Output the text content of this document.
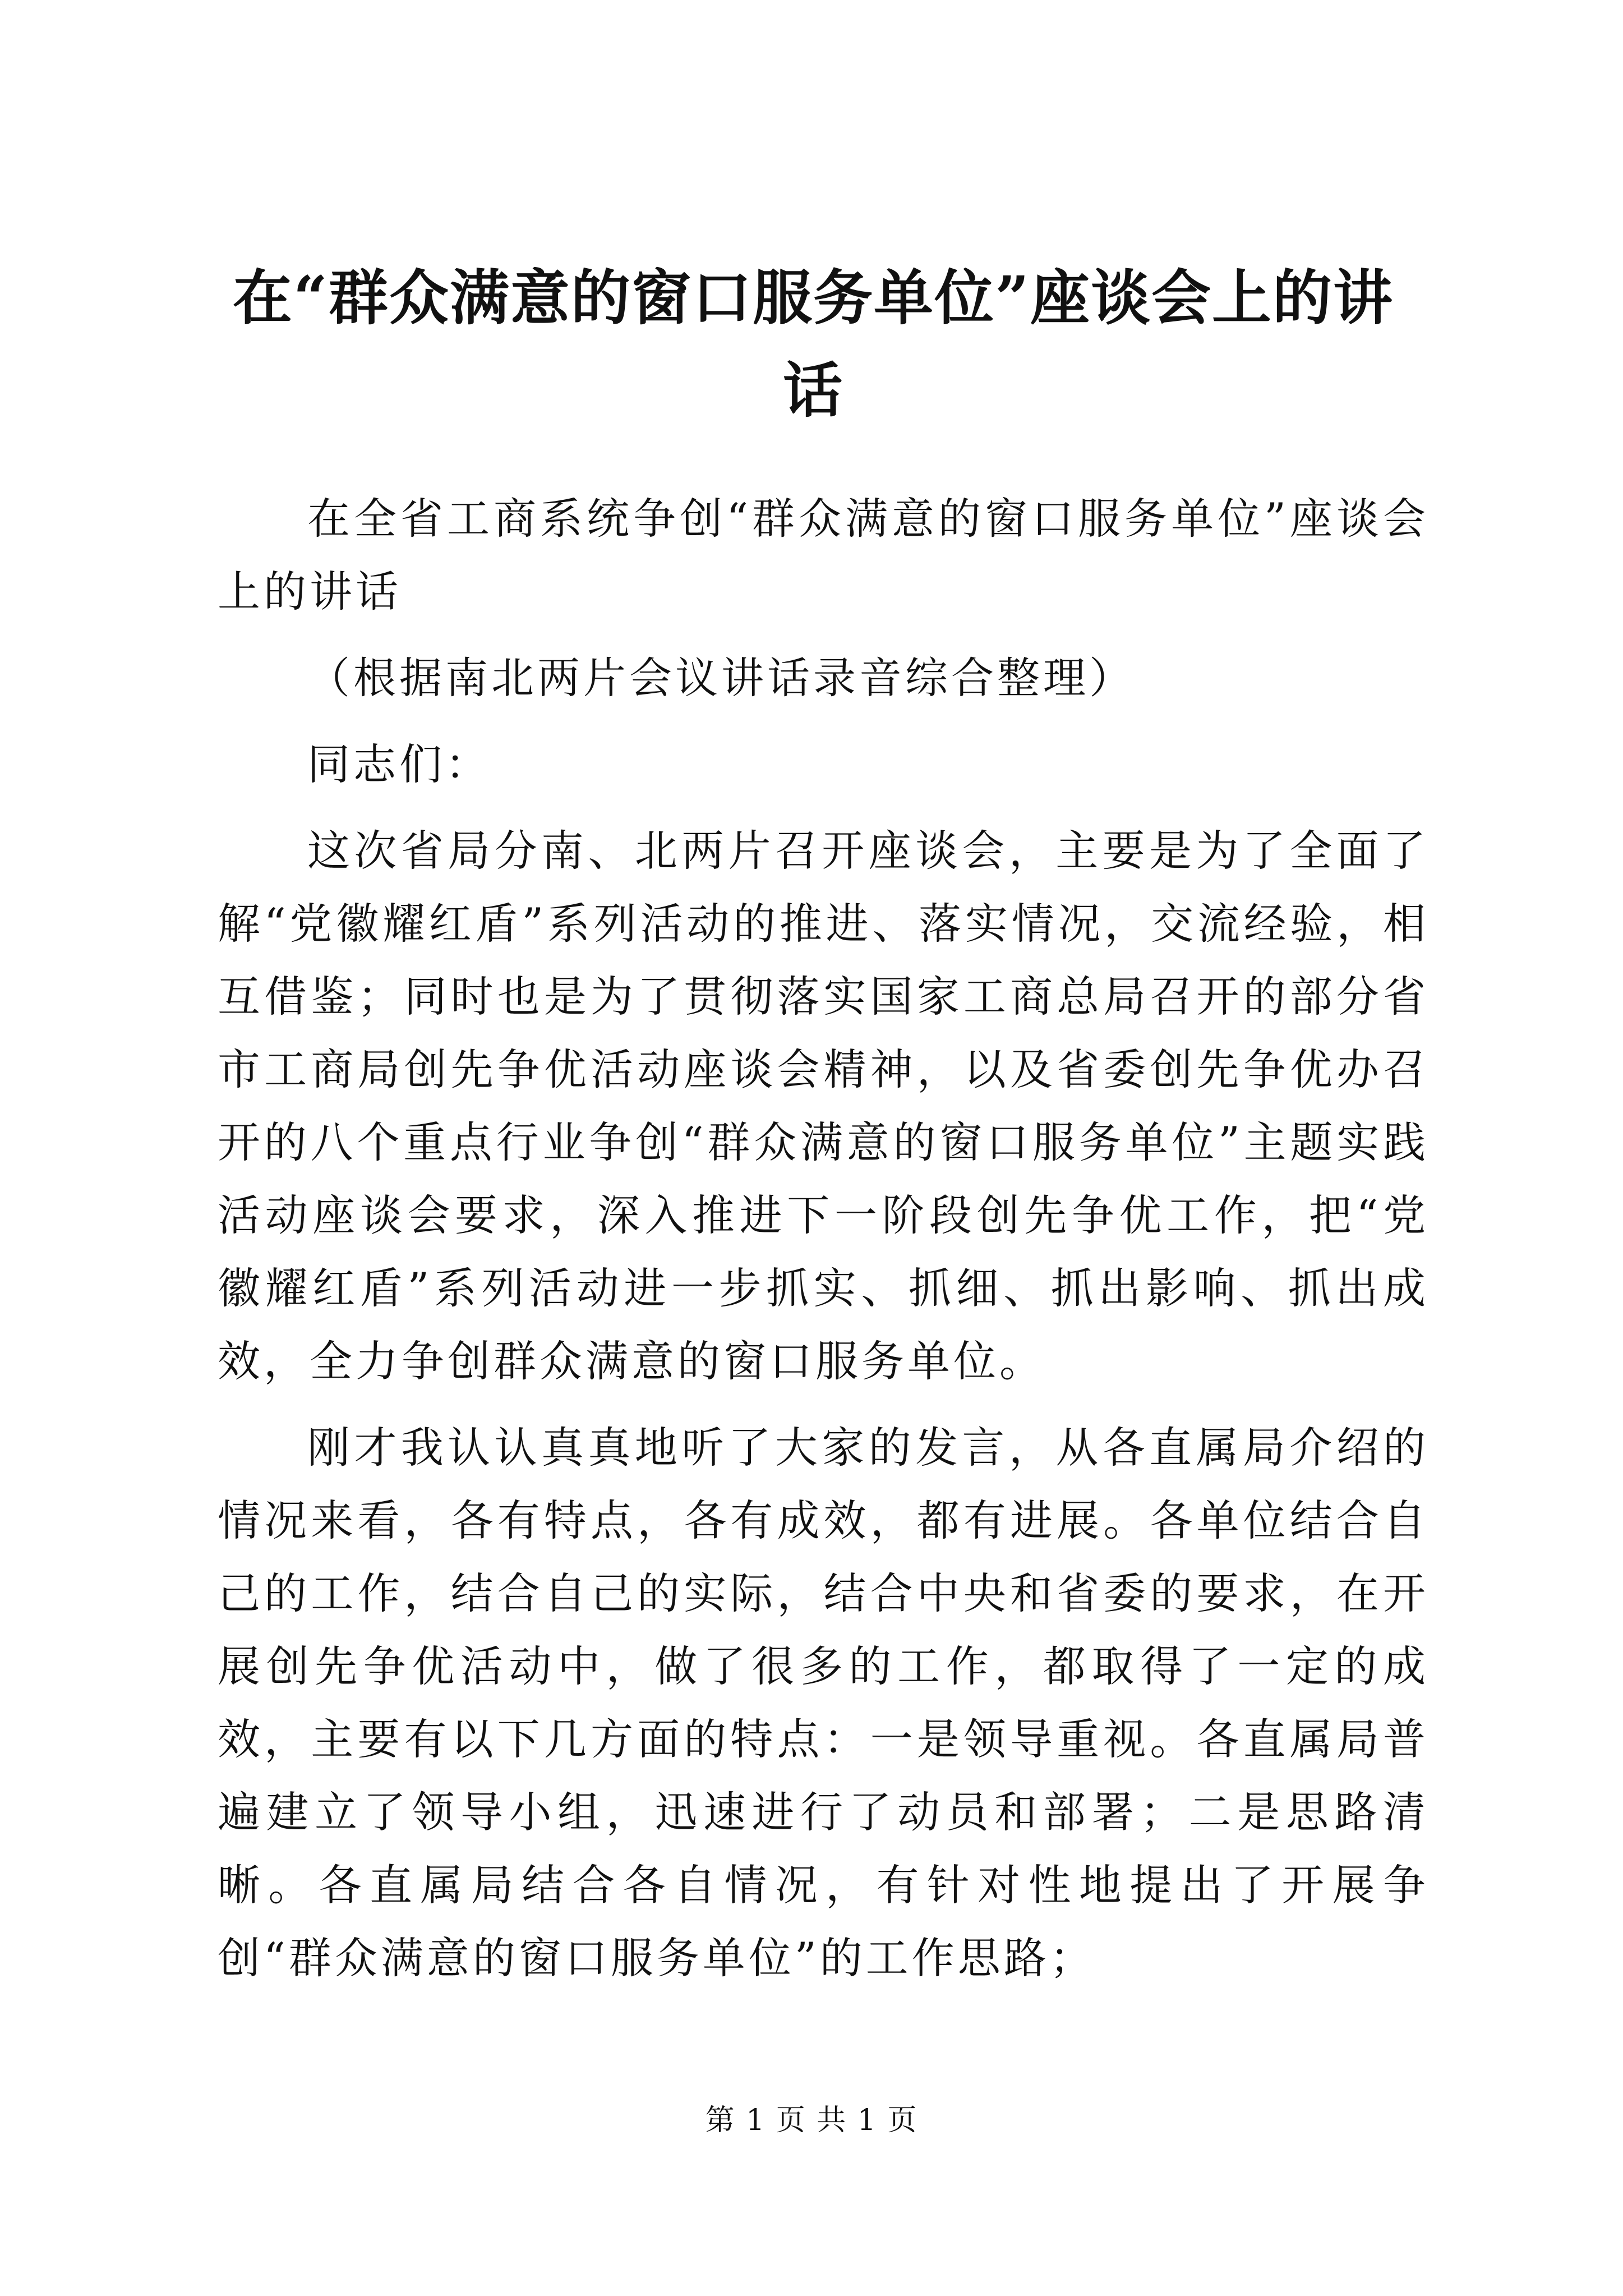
在“群众满意的窗口服务单位”座谈会上的讲话

在全省工商系统争创“群众满意的窗口服务单位”座谈会上的讲话

（根据南北两片会议讲话录音综合整理）

同志们：

这次省局分南、北两片召开座谈会，主要是为了全面了解“党徽耀红盾”系列活动的推进、落实情况，交流经验，相互借鉴；同时也是为了贯彻落实国家工商总局召开的部分省市工商局创先争优活动座谈会精神，以及省委创先争优办召开的八个重点行业争创“群众满意的窗口服务单位”主题实践活动座谈会要求，深入推进下一阶段创先争优工作，把“党徽耀红盾”系列活动进一步抓实、抓细、抓出影响、抓出成效，全力争创群众满意的窗口服务单位。

刚才我认认真真地听了大家的发言，从各直属局介绍的情况来看，各有特点，各有成效，都有进展。各单位结合自己的工作，结合自己的实际，结合中央和省委的要求，在开展创先争优活动中，做了很多的工作，都取得了一定的成效，主要有以下几方面的特点：一是领导重视。各直属局普遍建立了领导小组，迅速进行了动员和部署；二是思路清晰。各直属局结合各自情况，有针对性地提出了开展争创“群众满意的窗口服务单位”的工作思路；

第 1 页 共 1 页
